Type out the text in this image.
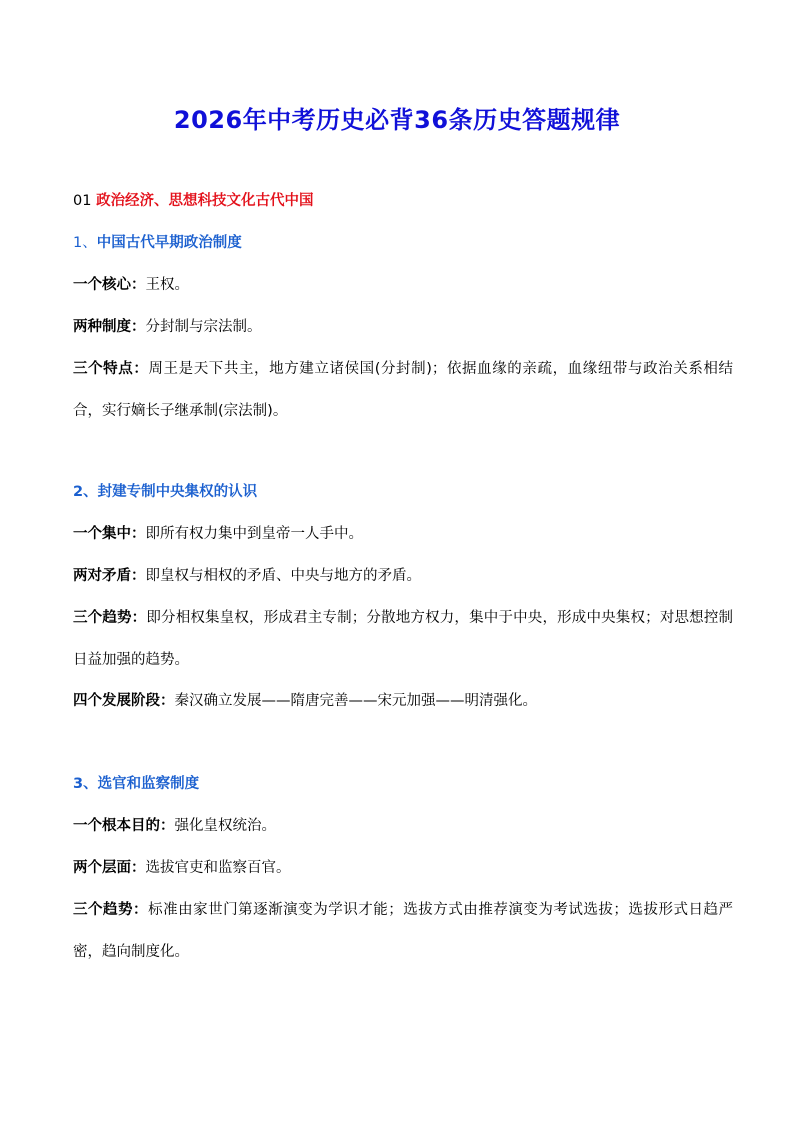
2026年中考历史必背36条历史答题规律

01 政治经济、思想科技文化古代中国

1、中国古代早期政治制度

一个核心：王权。

两种制度：分封制与宗法制。

三个特点：周王是天下共主，地方建立诸侯国(分封制)；依据血缘的亲疏，血缘纽带与政治关系相结合，实行嫡长子继承制(宗法制)。

2、封建专制中央集权的认识

一个集中：即所有权力集中到皇帝一人手中。

两对矛盾：即皇权与相权的矛盾、中央与地方的矛盾。

三个趋势：即分相权集皇权，形成君主专制；分散地方权力，集中于中央，形成中央集权；对思想控制日益加强的趋势。

四个发展阶段：秦汉确立发展——隋唐完善——宋元加强——明清强化。

3、选官和监察制度

一个根本目的：强化皇权统治。

两个层面：选拔官吏和监察百官。

三个趋势：标准由家世门第逐渐演变为学识才能；选拔方式由推荐演变为考试选拔；选拔形式日趋严密，趋向制度化。
